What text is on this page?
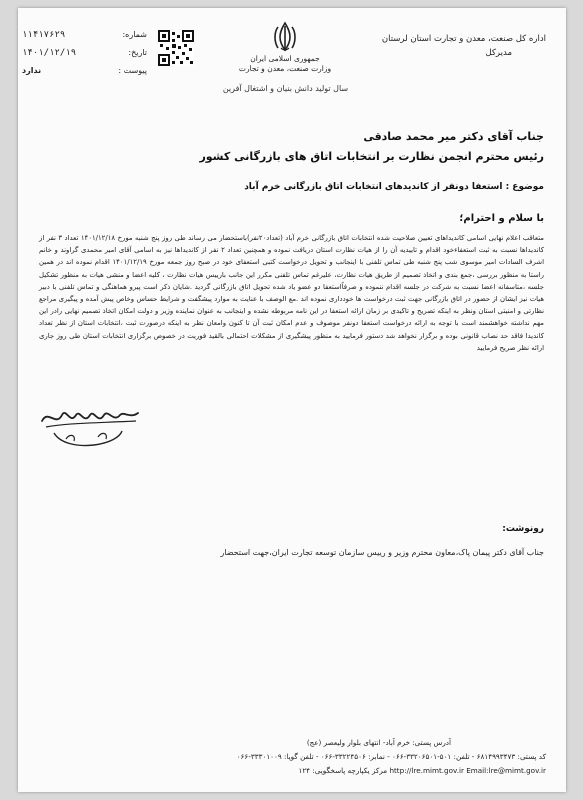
اداره کل صنعت، معدن و تجارت استان لرستان
مدیرکل
جمهوری اسلامی ایران
وزارت صنعت، معدن و تجارت
سال تولید دانش بنیان و اشتغال آفرین
شماره:
۱۱۴۱۷۶۲۹
تاریخ:
۱۴۰۱/۱۲/۱۹
پیوست :
ندارد
جناب آقای دکتر میر محمد صادقی
رئیس محترم انجمن نظارت بر انتخابات اتاق های بازرگانی کشور
موضوع : استعفا دونفر از کاندیدهای انتخابات اتاق بازرگانی خرم آباد
با سلام و احترام؛
متعاقب اعلام نهایی اسامی کاندیداهای تعیین صلاحیت شده انتخابات اتاق بازرگانی خرم آباد (تعداد۲۰نفر)باستحضار می رساند طی روز پنج شنبه مورخ ۱۴۰۱/۱۲/۱۸ تعداد ۳ نفر از کاندیداها نسبت به ثبت استعفاءخود اقدام و تاییدیه آن را از هیات نظارت استان دریافت نموده و همچنین تعداد ۲ نفر از کاندیداها نیز به اسامی آقای امیر محمدی گراوند و خانم اشرف السادات امیر موسوی شب پنج شنبه طی تماس تلفنی با اینجانب و تحویل درخواست کتبی استعفای خود در صبح روز جمعه مورخ ۱۴۰۱/۱۲/۱۹ اقدام نموده اند در همین راستا به منظور بررسی ،جمع بندی و اتخاذ تصمیم از طریق هیات نظارت، علیرغم تماس تلفنی مکرر این جانب بارییس هیات نظارت ، کلیه اعضا و منشی هیات به منظور تشکیل جلسه ،متاسفانه اعضا نسبت به شرکت در جلسه اقدام ننموده و صرفاًاستعفا دو عضو یاد شده تحویل اتاق بازرگانی گردید .شایان ذکر است پیرو هماهنگی و تماس تلفنی با دبیر هیات نیز ایشان از حضور در اتاق بازرگانی جهت ثبت درخواست ها خودداری نموده اند .مع الوصف با عنایت به موارد پیشگفت و شرایط حساس وخاص پیش آمده و پیگیری مراجع نظارتی و امنیتی استان ونظر به اینکه تصریح و تاکیدی بر زمان ارائه استعفا در این نامه مربوطه نشده و اینجانب به عنوان نماینده وزیر و دولت امکان اتخاذ تصمیم نهایی رادر این مهم نداشته خواهشمند است با توجه به ارائه درخواست استعفا دونفر موصوف و عدم امکان ثبت آن تا کنون وامعان نظر به اینکه درصورت ثبت ،انتخابات استان از نظر تعداد کاندیدا فاقد حد نصاب قانونی بوده و برگزار نخواهد شد دستور فرمایید به منظور پیشگیری از مشکلات احتمالی بالقید فوریت در خصوص برگزاری انتخابات استان طی روز جاری ارائه نظر صریح فرمایید
رونوشت:
جناب آقای دکتر پیمان پاک،معاون محترم وزیر و رییس سازمان توسعه تجارت ایران،جهت استحضار
آدرس پستی: خرم آباد- انتهای بلوار ولیعصر (عج)
کد پستی: ۶۸۱۴۹۹۳۴۷۳ - تلفن: ۵۰۱-۳۳۲۰۶۵۰۱-۰۶۶ - نمابر: ۳۳۲۲۴۵۰۶-۰۶۶ - تلفن گویا: ۳۳۳۰۱۰۰۹-۰۶۶
http://lre.mimt.gov.ir Email:lre@mimt.gov.ir مرکز یکپارچه پاسخگویی: ۱۲۴
